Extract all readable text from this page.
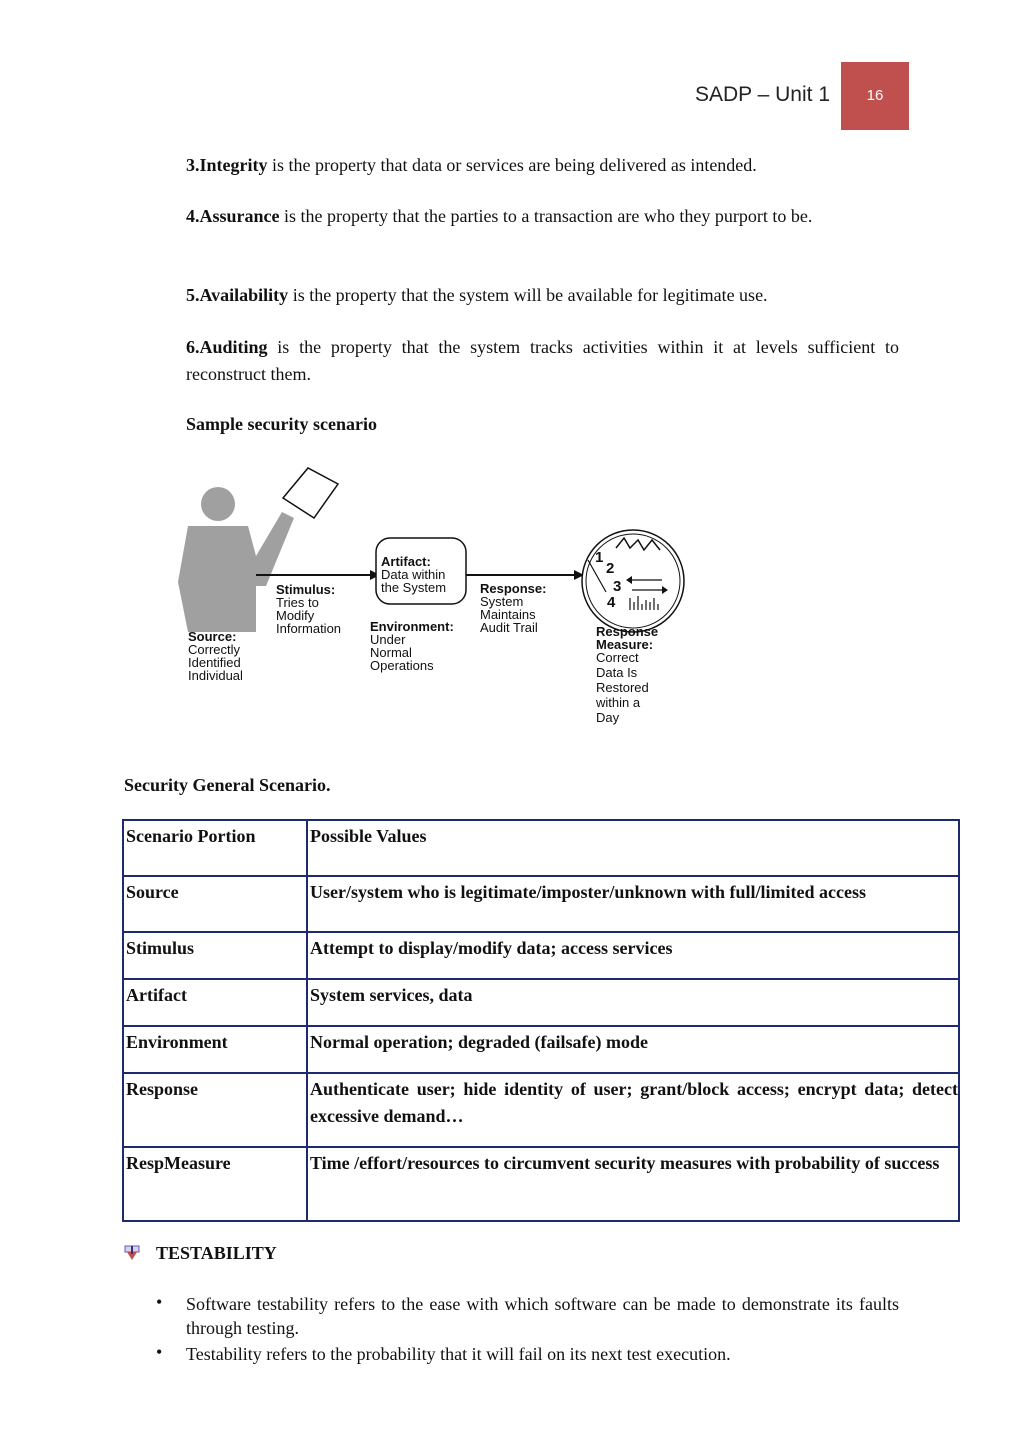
SADP – Unit 1	16
3.Integrity is the property that data or services are being delivered as intended.
4.Assurance is the property that the parties to a transaction are who they purport to be.
5.Availability is the property that the system will be available for legitimate use.
6.Auditing is the property that the system tracks activities within it at levels sufficient to reconstruct them.
Sample security scenario
1
2
3
4
Stimulus:
Tries to
Modify
Information
Source:
Correctly
Identified
Individual
Artifact:
Data within
the System
Environment:
Under
Normal
Operations
Response:
System
Maintains
Audit Trail	Response
Measure:
Correct
Data Is
Restored
within a
Day
Security General Scenario.
Scenario Portion	Possible Values
Source	User/system who is legitimate/imposter/unknown with full/limited access
Stimulus	Attempt to display/modify data; access services
Artifact	System services, data
Environment	Normal operation; degraded (failsafe) mode
Response	Authenticate user; hide identity of user; grant/block access; encrypt data; detect excessive demand…
RespMeasure	Time /effort/resources to circumvent security measures with probability of success
TESTABILITY
• Software testability refers to the ease with which software can be made to demonstrate its faults through testing.
• Testability refers to the probability that it will fail on its next test execution.
